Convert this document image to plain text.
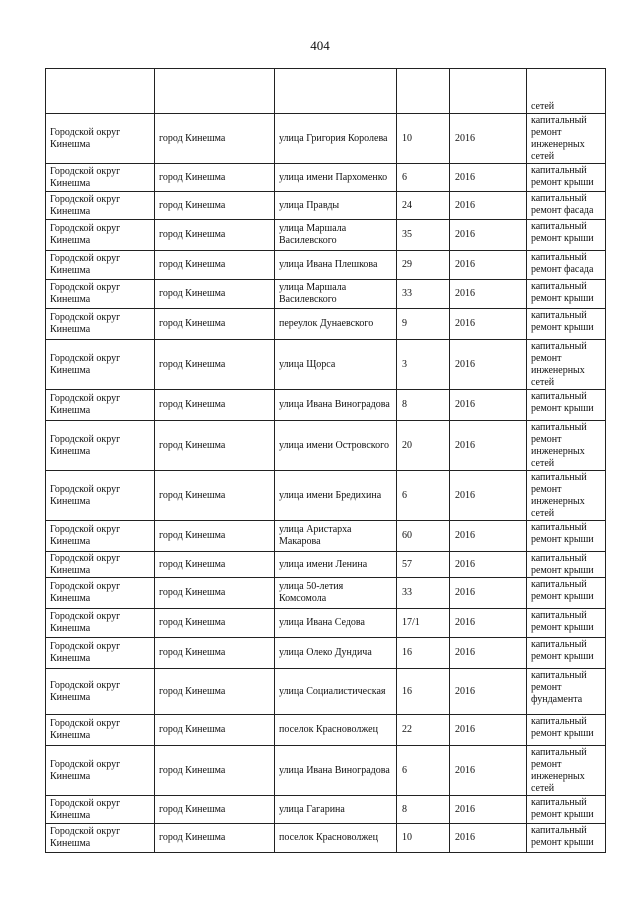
404
					сетей
Городской округ Кинешма	город Кинешма	улица Григория Королева	10	2016	капитальный ремонт инженерных сетей
Городской округ Кинешма	город Кинешма	улица имени Пархоменко	6	2016	капитальный ремонт крыши
Городской округ Кинешма	город Кинешма	улица Правды	24	2016	капитальный ремонт фасада
Городской округ Кинешма	город Кинешма	улица Маршала Василевского	35	2016	капитальный ремонт крыши
Городской округ Кинешма	город Кинешма	улица Ивана Плешкова	29	2016	капитальный ремонт фасада
Городской округ Кинешма	город Кинешма	улица Маршала Василевского	33	2016	капитальный ремонт крыши
Городской округ Кинешма	город Кинешма	переулок Дунаевского	9	2016	капитальный ремонт крыши
Городской округ Кинешма	город Кинешма	улица Щорса	3	2016	капитальный ремонт инженерных сетей
Городской округ Кинешма	город Кинешма	улица Ивана Виноградова	8	2016	капитальный ремонт крыши
Городской округ Кинешма	город Кинешма	улица имени Островского	20	2016	капитальный ремонт инженерных сетей
Городской округ Кинешма	город Кинешма	улица имени Бредихина	6	2016	капитальный ремонт инженерных сетей
Городской округ Кинешма	город Кинешма	улица Аристарха Макарова	60	2016	капитальный ремонт крыши
Городской округ Кинешма	город Кинешма	улица имени Ленина	57	2016	капитальный ремонт крыши
Городской округ Кинешма	город Кинешма	улица 50-летия Комсомола	33	2016	капитальный ремонт крыши
Городской округ Кинешма	город Кинешма	улица Ивана Седова	17/1	2016	капитальный ремонт крыши
Городской округ Кинешма	город Кинешма	улица Олеко Дундича	16	2016	капитальный ремонт крыши
Городской округ Кинешма	город Кинешма	улица Социалистическая	16	2016	капитальный ремонт фундамента
Городской округ Кинешма	город Кинешма	поселок Красноволжец	22	2016	капитальный ремонт крыши
Городской округ Кинешма	город Кинешма	улица Ивана Виноградова	6	2016	капитальный ремонт инженерных сетей
Городской округ Кинешма	город Кинешма	улица Гагарина	8	2016	капитальный ремонт крыши
Городской округ Кинешма	город Кинешма	поселок Красноволжец	10	2016	капитальный ремонт крыши
